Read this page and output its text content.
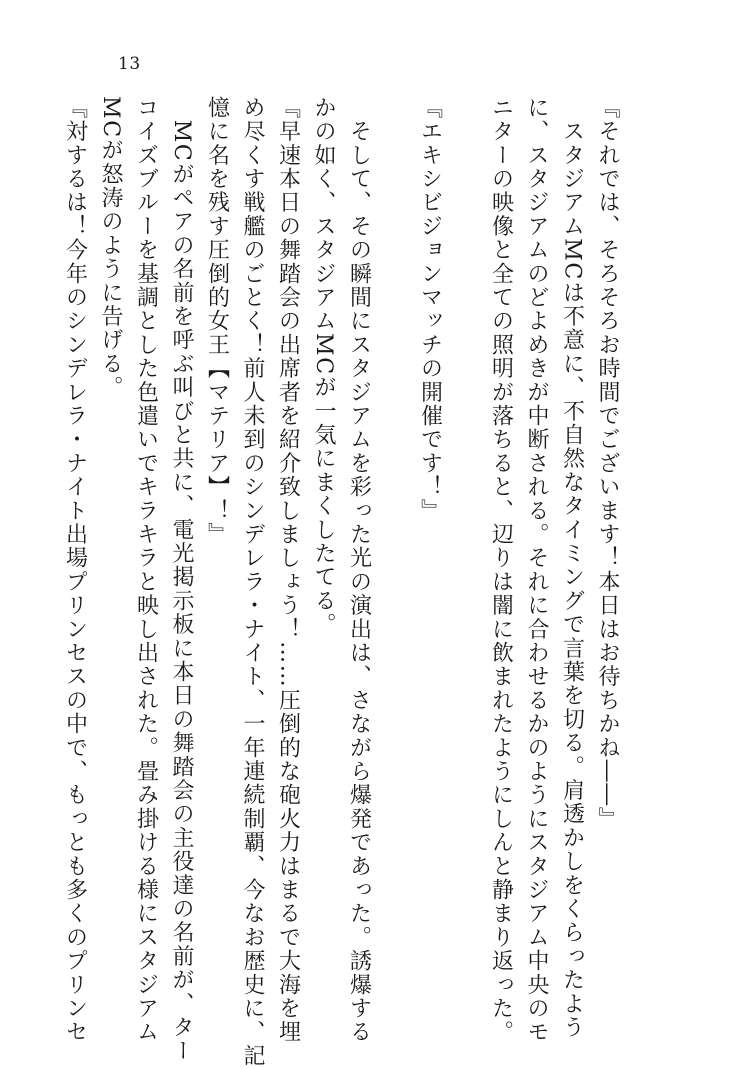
13

『それでは、そろそろお時間でございます！本日はお待ちかね――』

　スタジアムMCは不意に、不自然なタイミングで言葉を切る。肩透かしをくらったよう

に、スタジアムのどよめきが中断される。それに合わせるかのようにスタジアム中央のモ

ニターの映像と全ての照明が落ちると、辺りは闇に飲まれたようにしんと静まり返った。

『エキシビジョンマッチの開催です！』

　そして、その瞬間にスタジアムを彩った光の演出は、さながら爆発であった。誘爆する

かの如く、スタジアムMCが一気にまくしたてる。

『早速本日の舞踏会の出席者を紹介致しましょう！……圧倒的な砲火力はまるで大海を埋

め尽くす戦艦のごとく！前人未到のシンデレラ・ナイト、一年連続制覇、今なお歴史に、記

憶に名を残す圧倒的女王【マテリア】！』

　MCがペアの名前を呼ぶ叫びと共に、電光掲示板に本日の舞踏会の主役達の名前が、ター

コイズブルーを基調とした色遣いでキラキラと映し出された。畳み掛ける様にスタジアム

MCが怒涛のように告げる。

『対するは！今年のシンデレラ・ナイト出場プリンセスの中で、もっとも多くのプリンセ
